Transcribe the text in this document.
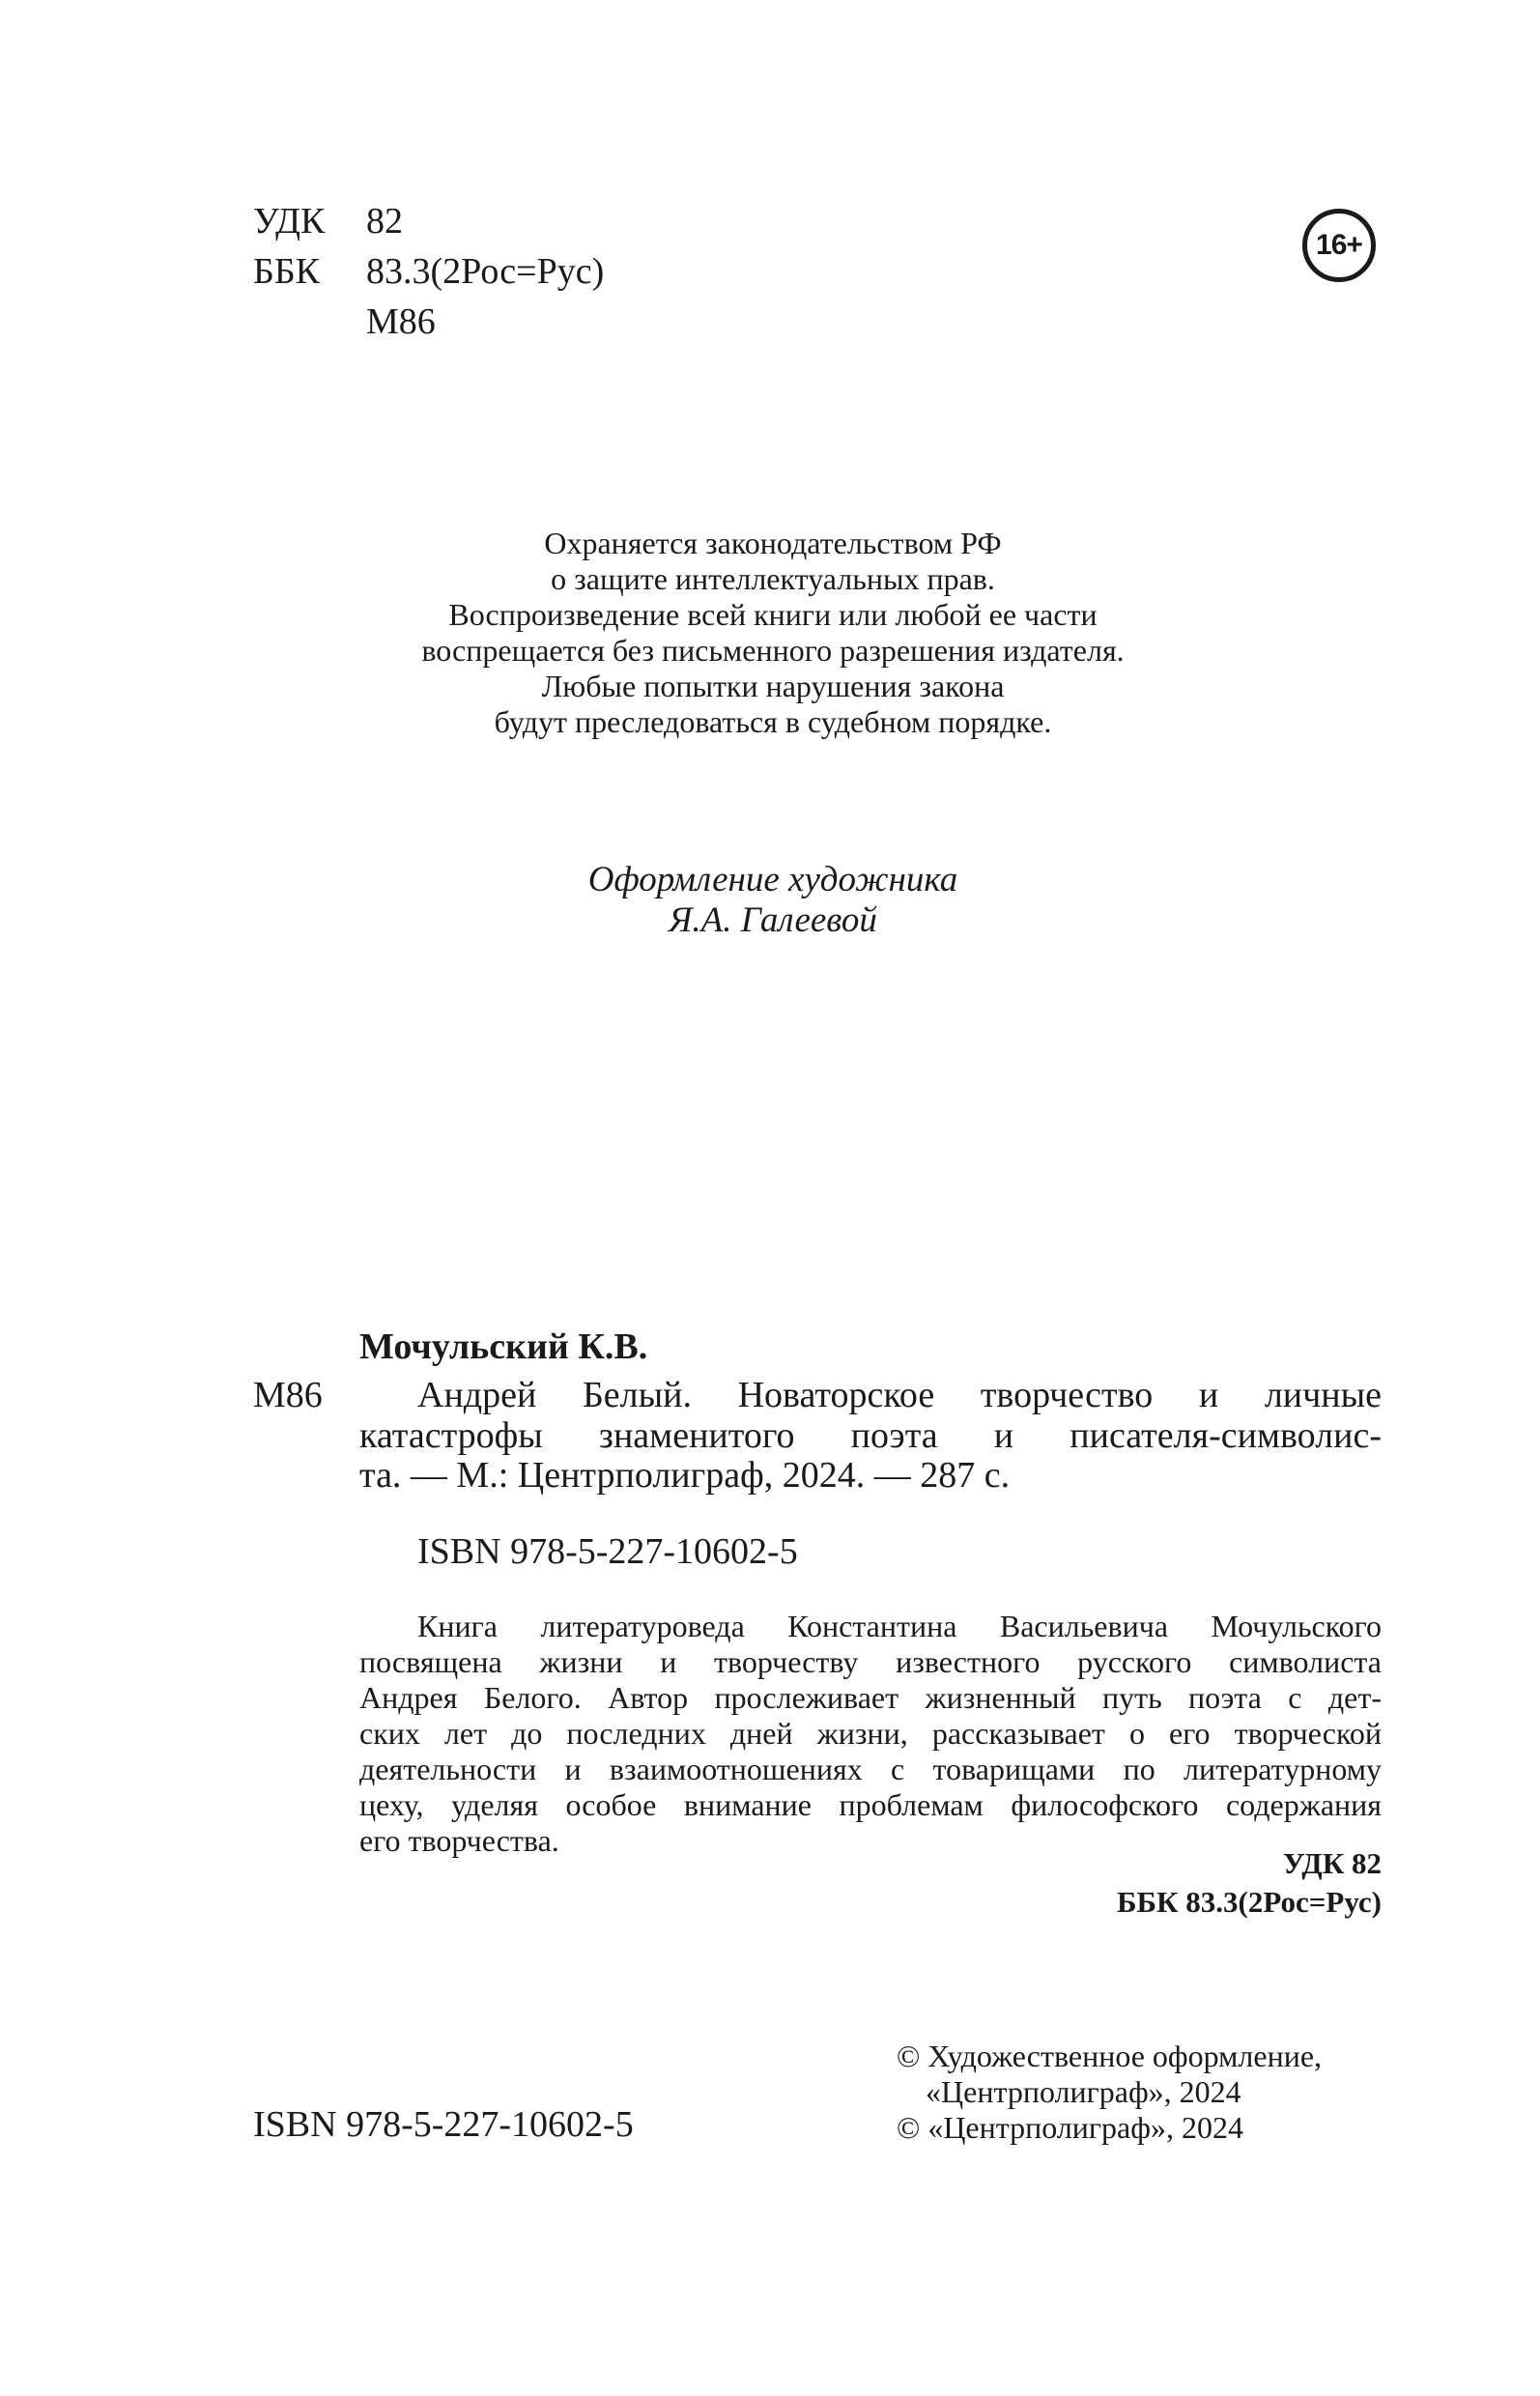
УДК 82
ББК 83.3(2Рос=Рус)
М86
16+
Охраняется законодательством РФ
о защите интеллектуальных прав.
Воспроизведение всей книги или любой ее части
воспрещается без письменного разрешения издателя.
Любые попытки нарушения закона
будут преследоваться в судебном порядке.
Оформление художника
Я.А. Галеевой
Мочульский К.В.
М86	Андрей Белый. Новаторское творчество и личные
катастрофы знаменитого поэта и писателя-символис-
та. — М.: Центрполиграф, 2024. — 287 с.
ISBN 978-5-227-10602-5
Книга литературоведа Константина Васильевича Мочульского
посвящена жизни и творчеству известного русского символиста
Андрея Белого. Автор прослеживает жизненный путь поэта с дет-
ских лет до последних дней жизни, рассказывает о его творческой
деятельности и взаимоотношениях с товарищами по литературному
цеху, уделяя особое внимание проблемам философского содержания
его творчества.
УДК 82
ББК 83.3(2Рос=Рус)
ISBN 978-5-227-10602-5
© Художественное оформление,
«Центрполиграф», 2024
© «Центрполиграф», 2024
